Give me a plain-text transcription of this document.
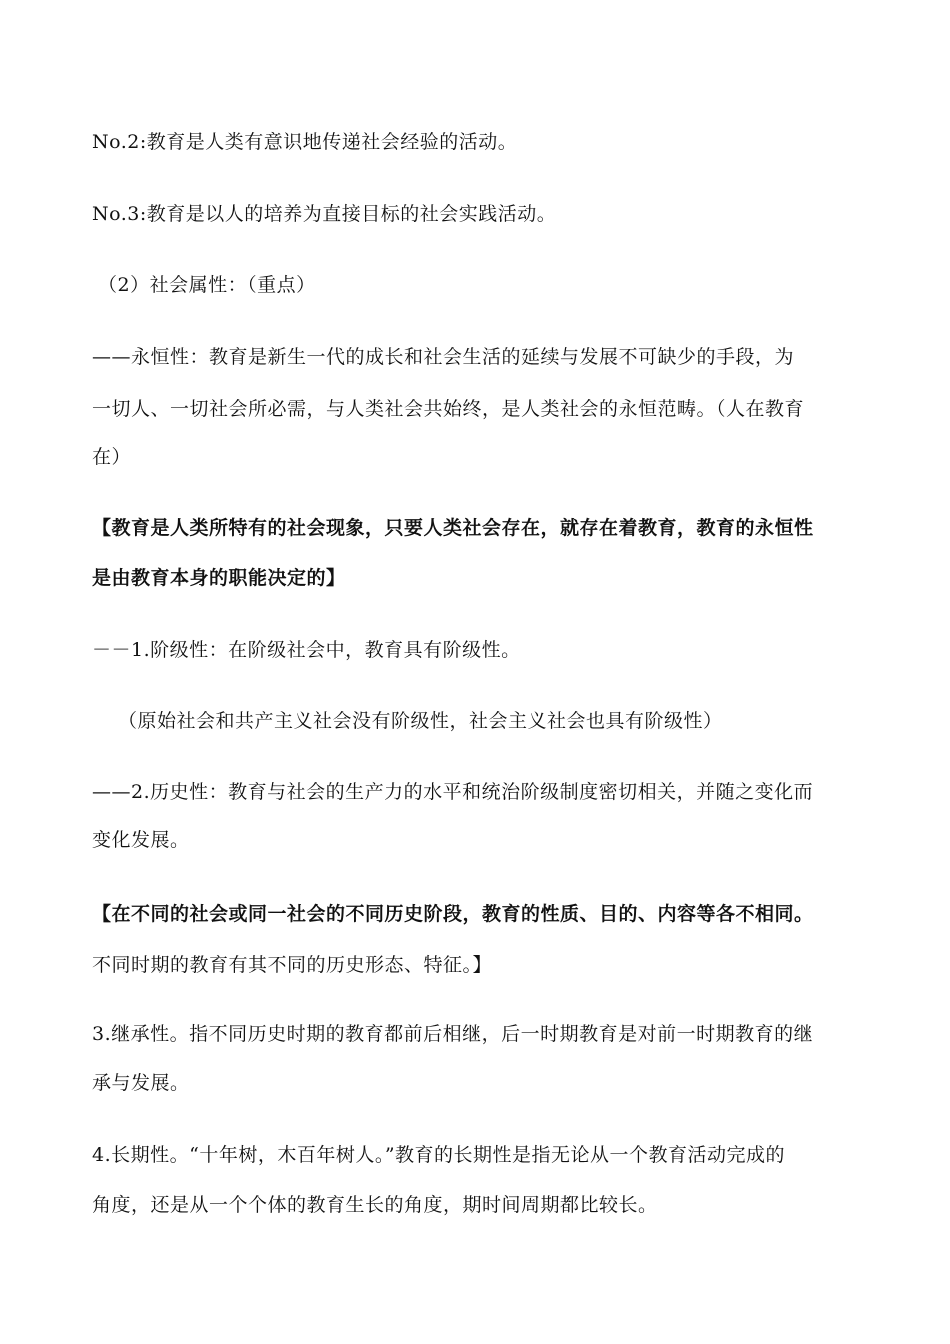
No.2:教育是人类有意识地传递社会经验的活动。
No.3:教育是以人的培养为直接目标的社会实践活动。
（2）社会属性：（重点）
——永恒性：教育是新生一代的成长和社会生活的延续与发展不可缺少的手段，为
一切人、一切社会所必需，与人类社会共始终，是人类社会的永恒范畴。（人在教育
在）
【教育是人类所特有的社会现象，只要人类社会存在，就存在着教育，教育的永恒性
是由教育本身的职能决定的】
－－1.阶级性：在阶级社会中，教育具有阶级性。
（原始社会和共产主义社会没有阶级性，社会主义社会也具有阶级性）
——2.历史性：教育与社会的生产力的水平和统治阶级制度密切相关，并随之变化而
变化发展。
【在不同的社会或同一社会的不同历史阶段，教育的性质、目的、内容等各不相同。
不同时期的教育有其不同的历史形态、特征。】
3.继承性。指不同历史时期的教育都前后相继，后一时期教育是对前一时期教育的继
承与发展。
4.长期性。“十年树，木百年树人。”教育的长期性是指无论从一个教育活动完成的
角度，还是从一个个体的教育生长的角度，期时间周期都比较长。
